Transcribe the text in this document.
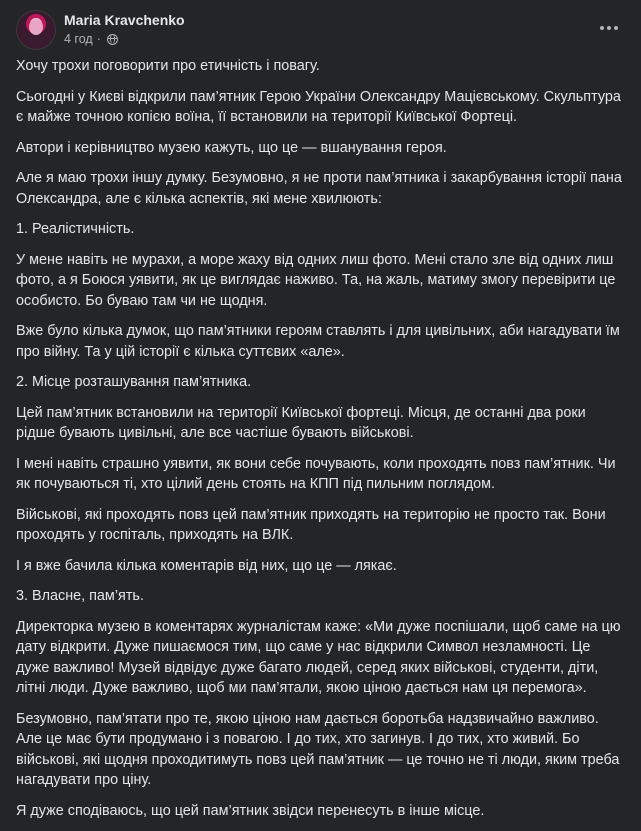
Maria Kravchenko
4 год ·

Хочу трохи поговорити про етичність і повагу.

Сьогодні у Києві відкрили пам’ятник Герою України Олександру Мацієвському. Скульптура є майже точною копією воїна, її встановили на території Київської Фортеці.

Автори і керівництво музею кажуть, що це — вшанування героя.

Але я маю трохи іншу думку. Безумовно, я не проти пам’ятника і закарбування історії пана Олександра, але є кілька аспектів, які мене хвилюють:

1. Реалістичність.

У мене навіть не мурахи, а море жаху від одних лиш фото. Мені стало зле від одних лиш фото, а я Боюся уявити, як це виглядає наживо. Та, на жаль, матиму змогу перевірити це особисто. Бо буваю там чи не щодня.

Вже було кілька думок, що пам’ятники героям ставлять і для цивільних, аби нагадувати їм про війну. Та у цій історії є кілька суттєвих «але».

2. Місце розташування пам’ятника.

Цей пам’ятник встановили на території Київської фортеці. Місця, де останні два роки рідше бувають цивільні, але все частіше бувають військові.

І мені навіть страшно уявити, як вони себе почувають, коли проходять повз пам’ятник. Чи як почуваються ті, хто цілий день стоять на КПП під пильним поглядом.

Військові, які проходять повз цей пам’ятник приходять на територію не просто так. Вони проходять у госпіталь, приходять на ВЛК.

І я вже бачила кілька коментарів від них, що це — лякає.

3. Власне, пам’ять.

Директорка музею в коментарях журналістам каже: «Ми дуже поспішали, щоб саме на цю дату відкрити. Дуже пишаємося тим, що саме у нас відкрили Символ незламності. Це дуже важливо! Музей відвідує дуже багато людей, серед яких військові, студенти, діти, літні люди. Дуже важливо, щоб ми пам’ятали, якою ціною дається нам ця перемога».

Безумовно, пам’ятати про те, якою ціною нам дається боротьба надзвичайно важливо. Але це має бути продумано і з повагою. І до тих, хто загинув. І до тих, хто живий. Бо військові, які щодня проходитимуть повз цей пам’ятник — це точно не ті люди, яким треба нагадувати про ціну.

Я дуже сподіваюсь, що цей пам’ятник звідси перенесуть в інше місце.
